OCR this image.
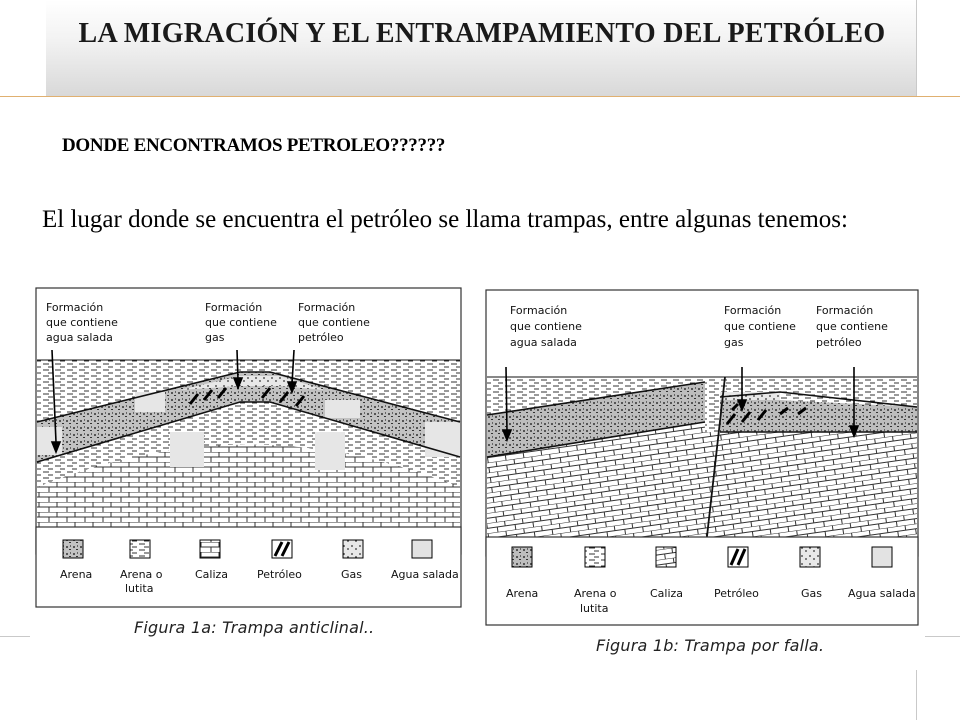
LA MIGRACIÓN Y EL ENTRAMPAMIENTO DEL PETRÓLEO
DONDE ENCONTRAMOS PETROLEO??????
El lugar donde se encuentra el petróleo se llama trampas, entre algunas tenemos:
Formación
que contiene
agua salada
Formación
que contiene
gas
Formación
que contiene
petróleo
Arena	Arena o
lutita
Caliza	Petróleo	Gas	Agua salada
Figura 1a: Trampa anticlinal..
Formación
que contiene
agua salada
Formación
que contiene
gas
Formación
que contiene
petróleo
Arena	Arena o
lutita
Caliza	Petróleo	Gas Agua salada
Figura 1b: Trampa por falla.
